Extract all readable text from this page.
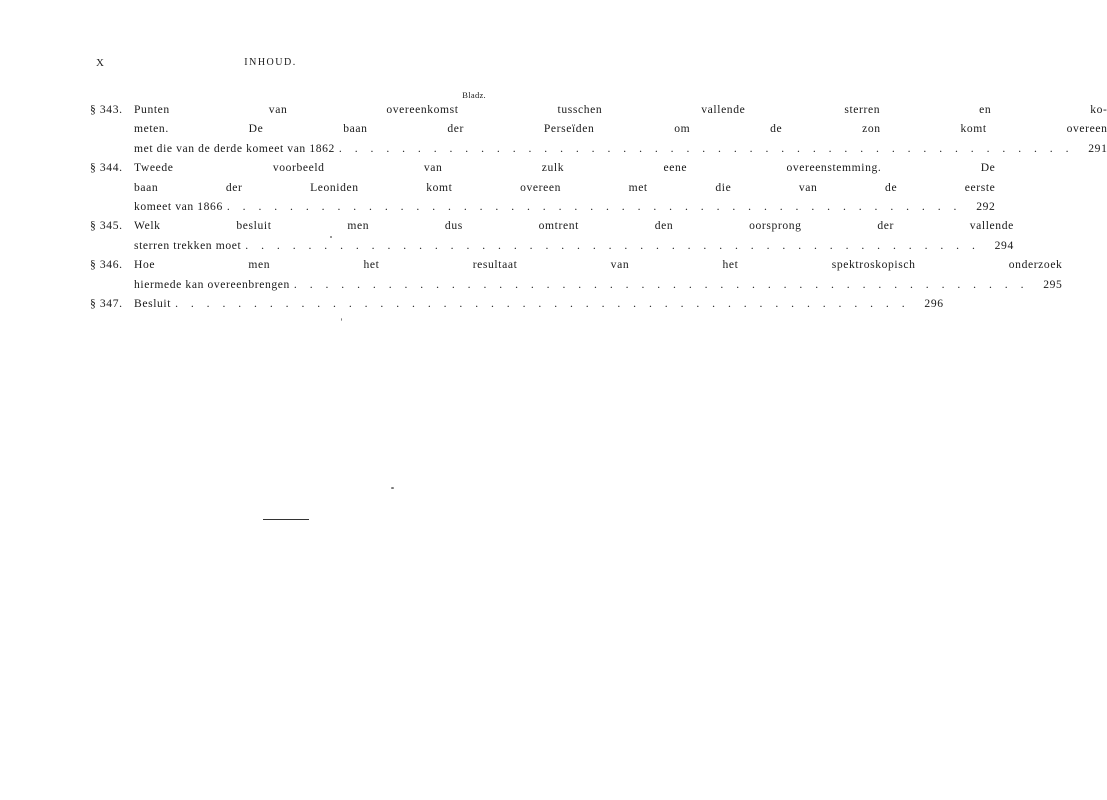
X	INHOUD.
Bladz.
§ 343. Punten van overeenkomst tusschen vallende sterren en ko-
meten. De baan der Perseïden om de zon komt overeen
met die van de derde komeet van 1862 . . .	291
§ 344. Tweede voorbeeld van zulk eene overeenstemming. De
baan der Leoniden komt overeen met die van de eerste
komeet van 1866 . . .	292
§ 345. Welk besluit men dus omtrent den oorsprong der vallende
sterren trekken moet . . .	294
§ 346. Hoe men het resultaat van het spektroskopisch onderzoek
hiermede kan overeenbrengen . . .	295
§ 347. Besluit . . .	296
